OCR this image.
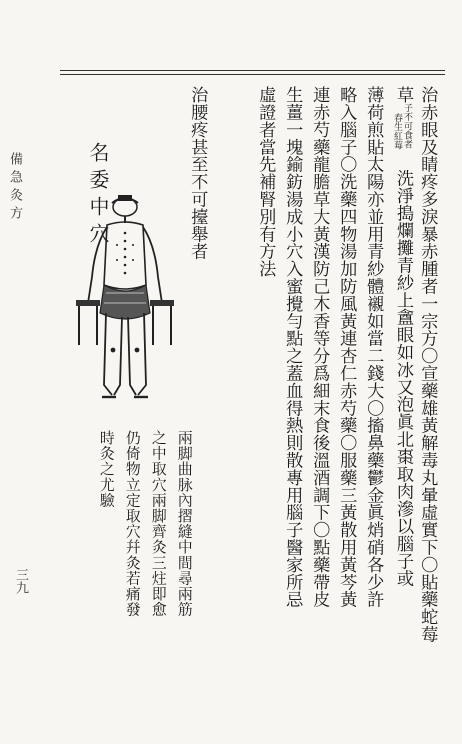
治赤眼及睛疼多淚暴赤腫者一宗方〇宣藥雄黃解毒丸暈虛實下〇貼藥蛇莓
草春生紅莓子不可食者洗淨搗爛攤青紗上盦眼如冰又泡眞北棗取肉滲以腦子或
薄荷煎貼太陽亦並用青紗體襯如當二錢大〇搐鼻藥鬱金眞焇硝各少許
略入腦子〇洗藥四物湯加防風黃連杏仁赤芍藥〇服藥三黃散用黃芩黃
連赤芍藥龍膽草大黃漢防己木香等分爲細末食後溫酒調下〇點藥帶皮
生薑一塊鍮鈁湯成小穴入蜜攪勻點之蓋血得熱則散專用腦子醫家所忌
虛證者當先補腎別有方法
治腰疼甚至不可擡舉者
名委中穴
備急灸方
兩脚曲脉內摺縫中間尋兩筋
之中取穴兩脚齊灸三炷即愈
仍倚物立定取穴幷灸若痛發
時灸之尤驗
三九
